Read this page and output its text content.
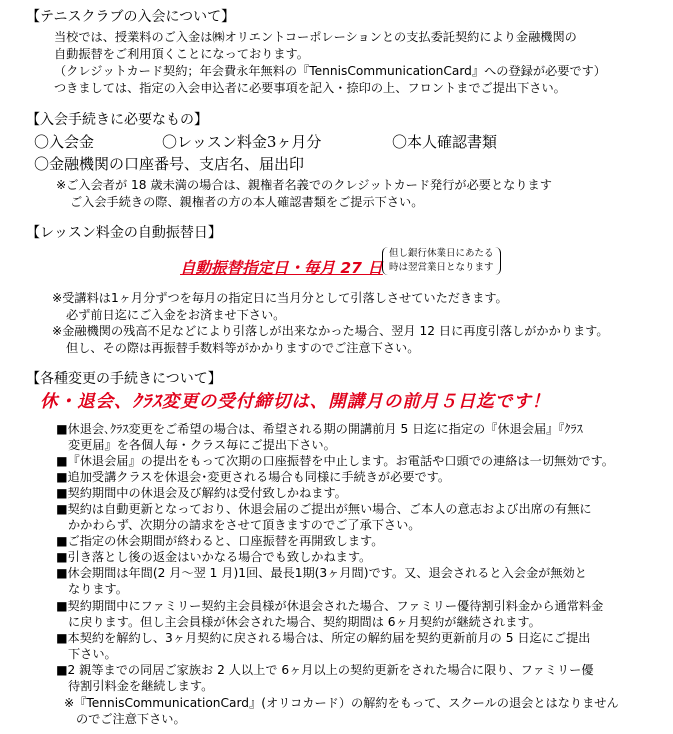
【テニスクラブの入会について】
当校では、授業料のご入金は㈱オリエントコーポレーションとの支払委託契約により金融機関の
自動振替をご利用頂くことになっております。
（クレジットカード契約；年会費永年無料の『TennisCommunicationCard』への登録が必要です）
つきましては、指定の入会申込者に必要事項を記入・捺印の上、フロントまでご提出下さい。
【入会手続きに必要なもの】
〇入会金	〇レッスン料金3ヶ月分	〇本人確認書類
〇金融機関の口座番号、支店名、届出印
※ご入会者が 18 歳未満の場合は、親権者名義でのクレジットカード発行が必要となります
ご入会手続きの際、親権者の方の本人確認書類をご提示下さい。
【レッスン料金の自動振替日】
自動振替指定日・毎月 27 日
但し銀行休業日にあたる
時は翌営業日となります
※受講料は1ヶ月分ずつを毎月の指定日に当月分として引落しさせていただきます。
必ず前日迄にご入金をお済ませ下さい。
※金融機関の残高不足などにより引落しが出来なかった場合、翌月 12 日に再度引落しがかかります。
但し、その際は再振替手数料等がかかりますのでご注意下さい。
【各種変更の手続きについて】
休・退会、ｸﾗｽ変更の受付締切は、開講月の前月５日迄です！
■休退会､ｸﾗｽ変更をご希望の場合は、希望される期の開講前月 5 日迄に指定の『休退会届』『ｸﾗｽ
変更届』を各個人毎・クラス毎にご提出下さい。
■『休退会届』の提出をもって次期の口座振替を中止します。お電話や口頭での連絡は一切無効です。
■追加受講クラスを休退会･変更される場合も同様に手続きが必要です。
■契約期間中の休退会及び解約は受付致しかねます。
■契約は自動更新となっており、休退会届のご提出が無い場合、ご本人の意志および出席の有無に
かかわらず、次期分の請求をさせて頂きますのでご了承下さい。
■ご指定の休会期間が終わると、口座振替を再開致します。
■引き落とし後の返金はいかなる場合でも致しかねます。
■休会期間は年間(2 月～翌 1 月)1回、最長1期(3ヶ月間)です。又、退会されると入会金が無効と
なります。
■契約期間中にファミリー契約主会員様が休退会された場合、ファミリー優待割引料金から通常料金
に戻ります。但し主会員様が休会された場合、契約期間は 6ヶ月契約が継続されます。
■本契約を解約し、3ヶ月契約に戻される場合は、所定の解約届を契約更新前月の 5 日迄にご提出
下さい。
■2 親等までの同居ご家族お 2 人以上で 6ヶ月以上の契約更新をされた場合に限り、ファミリー優
待割引料金を継続します。
※『TennisCommunicationCard』(オリコカード）の解約をもって、スクールの退会とはなりません
のでご注意下さい。
